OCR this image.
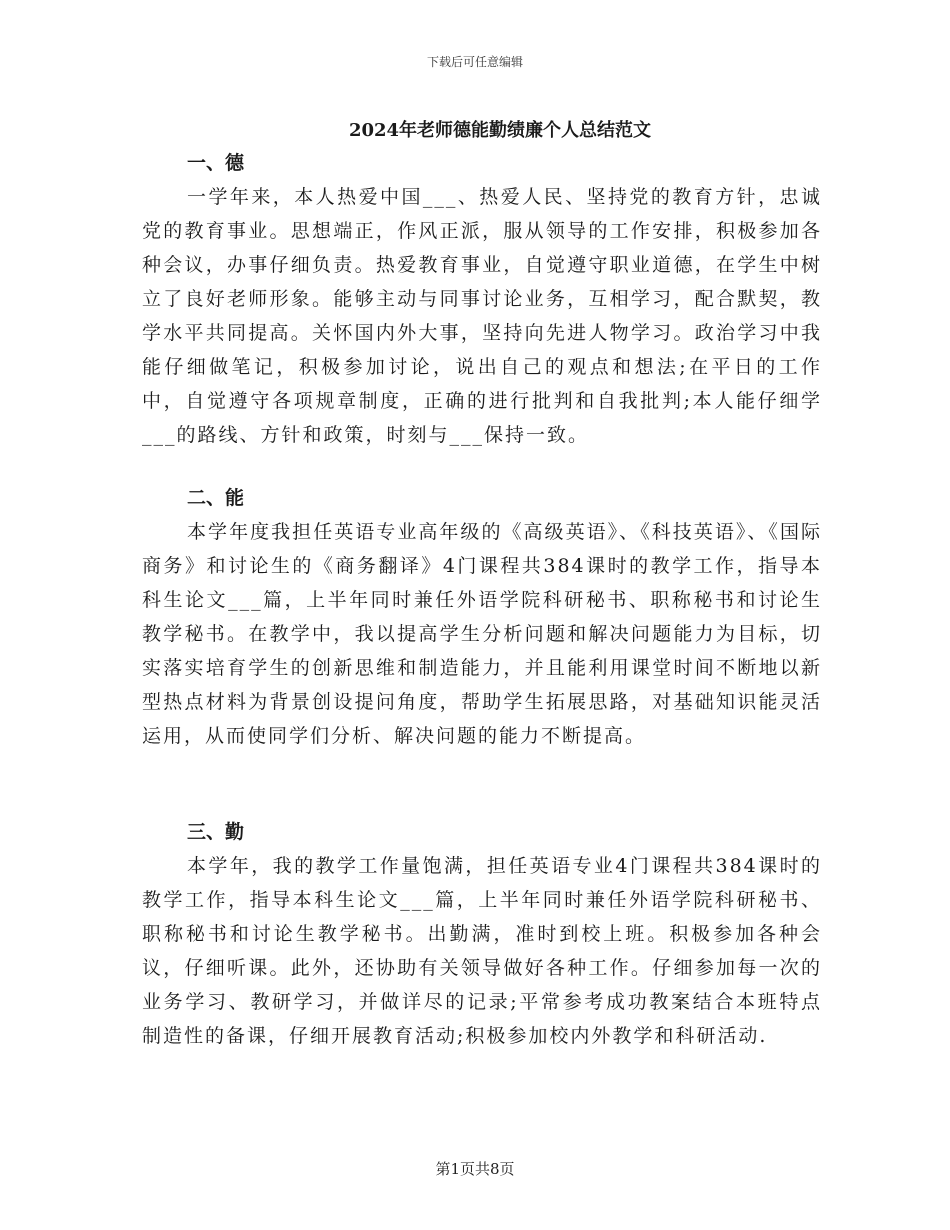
下载后可任意编辑
2024年老师德能勤绩廉个人总结范文

一、德

一学年来，本人热爱中国___、热爱人民、坚持党的教育方针，忠诚党的教育事业。思想端正，作风正派，服从领导的工作安排，积极参加各种会议，办事仔细负责。热爱教育事业，自觉遵守职业道德，在学生中树立了良好老师形象。能够主动与同事讨论业务，互相学习，配合默契，教学水平共同提高。关怀国内外大事，坚持向先进人物学习。政治学习中我能仔细做笔记，积极参加讨论，说出自己的观点和想法;在平日的工作中，自觉遵守各项规章制度，正确的进行批判和自我批判;本人能仔细学___的路线、方针和政策，时刻与___保持一致。

二、能

本学年度我担任英语专业高年级的《高级英语》、《科技英语》、《国际商务》和讨论生的《商务翻译》4门课程共384课时的教学工作，指导本科生论文___篇，上半年同时兼任外语学院科研秘书、职称秘书和讨论生教学秘书。在教学中，我以提高学生分析问题和解决问题能力为目标，切实落实培育学生的创新思维和制造能力，并且能利用课堂时间不断地以新型热点材料为背景创设提问角度，帮助学生拓展思路，对基础知识能灵活运用，从而使同学们分析、解决问题的能力不断提高。

三、勤

本学年，我的教学工作量饱满，担任英语专业4门课程共384课时的教学工作，指导本科生论文___篇，上半年同时兼任外语学院科研秘书、职称秘书和讨论生教学秘书。出勤满，准时到校上班。积极参加各种会议，仔细听课。此外，还协助有关领导做好各种工作。仔细参加每一次的业务学习、教研学习，并做详尽的记录;平常参考成功教案结合本班特点制造性的备课，仔细开展教育活动;积极参加校内外教学和科研活动.

第1页共8页
